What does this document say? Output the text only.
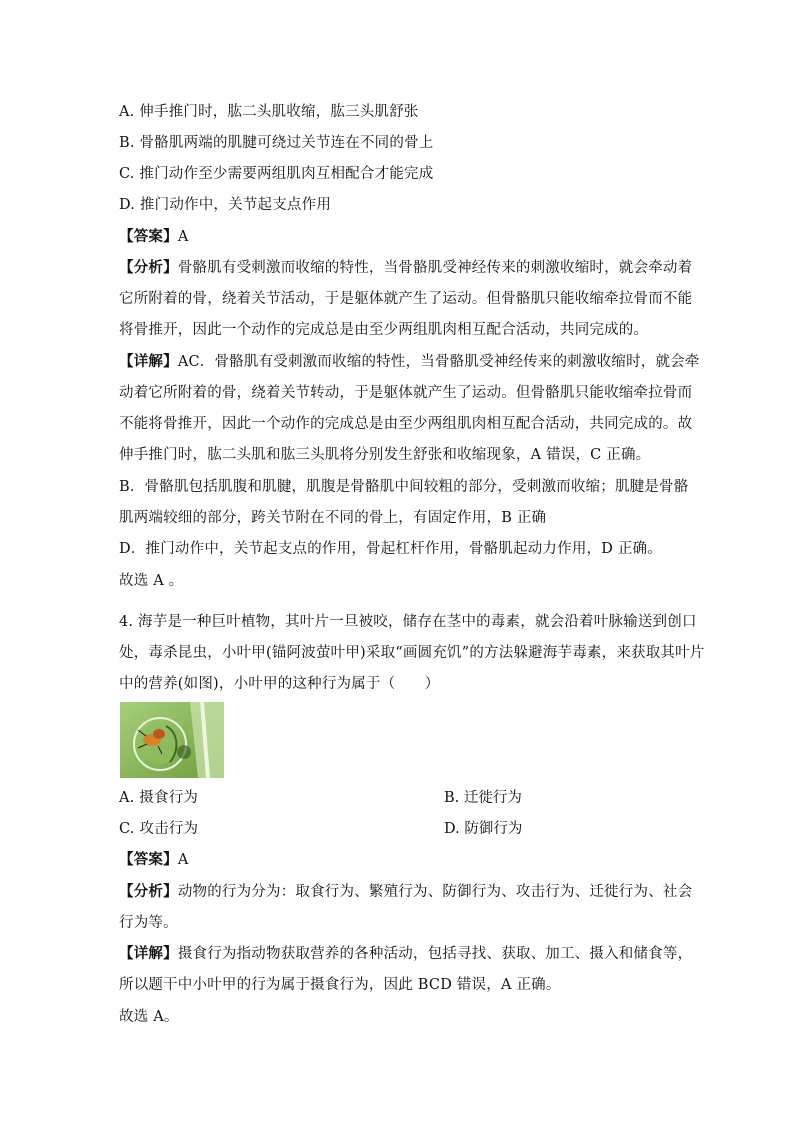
A. 伸手推门时，肱二头肌收缩，肱三头肌舒张
B. 骨骼肌两端的肌腱可绕过关节连在不同的骨上
C. 推门动作至少需要两组肌肉互相配合才能完成
D. 推门动作中，关节起支点作用
【答案】A
【分析】骨骼肌有受刺激而收缩的特性，当骨骼肌受神经传来的刺激收缩时，就会牵动着
它所附着的骨，绕着关节活动，于是躯体就产生了运动。但骨骼肌只能收缩牵拉骨而不能
将骨推开，因此一个动作的完成总是由至少两组肌肉相互配合活动，共同完成的。
【详解】AC．骨骼肌有受刺激而收缩的特性，当骨骼肌受神经传来的刺激收缩时，就会牵
动着它所附着的骨，绕着关节转动，于是躯体就产生了运动。但骨骼肌只能收缩牵拉骨而
不能将骨推开，因此一个动作的完成总是由至少两组肌肉相互配合活动，共同完成的。故
伸手推门时，肱二头肌和肱三头肌将分别发生舒张和收缩现象，A 错误，C 正确。
B．骨骼肌包括肌腹和肌腱，肌腹是骨骼肌中间较粗的部分，受刺激而收缩；肌腱是骨骼
肌两端较细的部分，跨关节附在不同的骨上，有固定作用，B 正确
D．推门动作中，关节起支点的作用，骨起杠杆作用，骨骼肌起动力作用，D 正确。
故选 A 。
4. 海芋是一种巨叶植物，其叶片一旦被咬，储存在茎中的毒素，就会沿着叶脉输送到创口
处，毒杀昆虫，小叶甲(锚阿波萤叶甲)采取“画圆充饥”的方法躲避海芋毒素，来获取其叶片
中的营养(如图)，小叶甲的这种行为属于（　　）
A. 摄食行为	B. 迁徙行为
C. 攻击行为	D. 防御行为
【答案】A
【分析】动物的行为分为：取食行为、繁殖行为、防御行为、攻击行为、迁徙行为、社会
行为等。
【详解】摄食行为指动物获取营养的各种活动，包括寻找、获取、加工、摄入和储食等，
所以题干中小叶甲的行为属于摄食行为，因此 BCD 错误，A 正确。
故选 A。
